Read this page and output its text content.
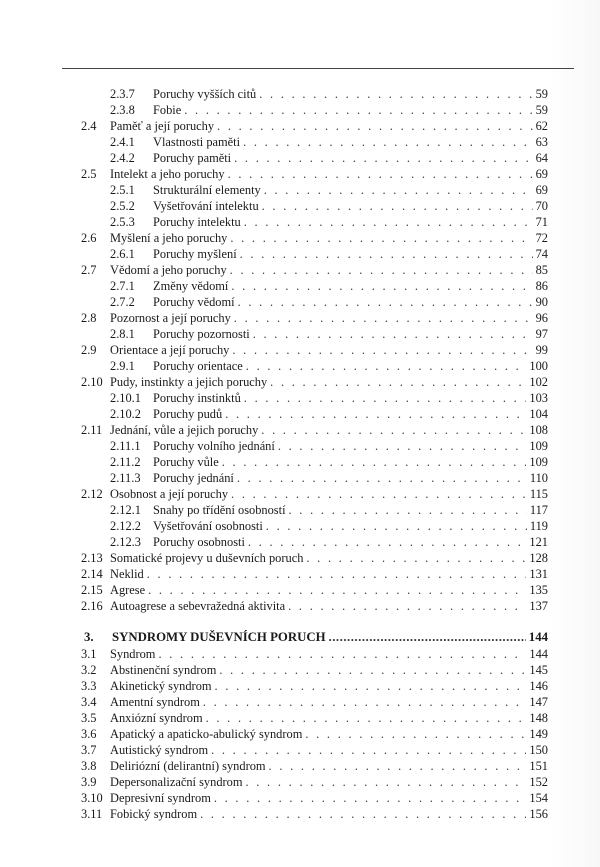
2.3.7 Poruchy vyšších citů . . .	59
2.3.8 Fobie . . .	59
2.4 Paměť a její poruchy . . .	62
2.4.1 Vlastnosti paměti . . .	63
2.4.2 Poruchy paměti . . .	64
2.5 Intelekt a jeho poruchy . . .	69
2.5.1 Strukturální elementy . . .	69
2.5.2 Vyšetřování intelektu . . .	70
2.5.3 Poruchy intelektu . . .	71
2.6 Myšlení a jeho poruchy . . .	72
2.6.1 Poruchy myšlení . . .	74
2.7 Vědomí a jeho poruchy . . .	85
2.7.1 Změny vědomí . . .	86
2.7.2 Poruchy vědomí . . .	90
2.8 Pozornost a její poruchy . . .	96
2.8.1 Poruchy pozornosti . . .	97
2.9 Orientace a její poruchy . . .	99
2.9.1 Poruchy orientace . . .	100
2.10 Pudy, instinkty a jejich poruchy . . .	102
2.10.1 Poruchy instinktů . . .	103
2.10.2 Poruchy pudů . . .	104
2.11 Jednání, vůle a jejich poruchy . . .	108
2.11.1 Poruchy volního jednání . . .	109
2.11.2 Poruchy vůle . . .	109
2.11.3 Poruchy jednání . . .	110
2.12 Osobnost a její poruchy . . .	115
2.12.1 Snahy po třídění osobností . . .	117
2.12.2 Vyšetřování osobnosti . . .	119
2.12.3 Poruchy osobnosti . . .	121
2.13 Somatické projevy u duševních poruch . . .	128
2.14 Neklid . . .	131
2.15 Agrese . . .	135
2.16 Autoagrese a sebevražedná aktivita . . .	137
3. SYNDROMY DUŠEVNÍCH PORUCH .....	144
3.1 Syndrom . . .	144
3.2 Abstinenční syndrom . . .	145
3.3 Akinetický syndrom . . .	146
3.4 Amentní syndrom . . .	147
3.5 Anxiózní syndrom . . .	148
3.6 Apatický a apaticko-abulický syndrom . . .	149
3.7 Autistický syndrom . . .	150
3.8 Deliriózní (delirantní) syndrom . . .	151
3.9 Depersonalizační syndrom . . .	152
3.10 Depresivní syndrom . . .	154
3.11 Fobický syndrom . . .	156
